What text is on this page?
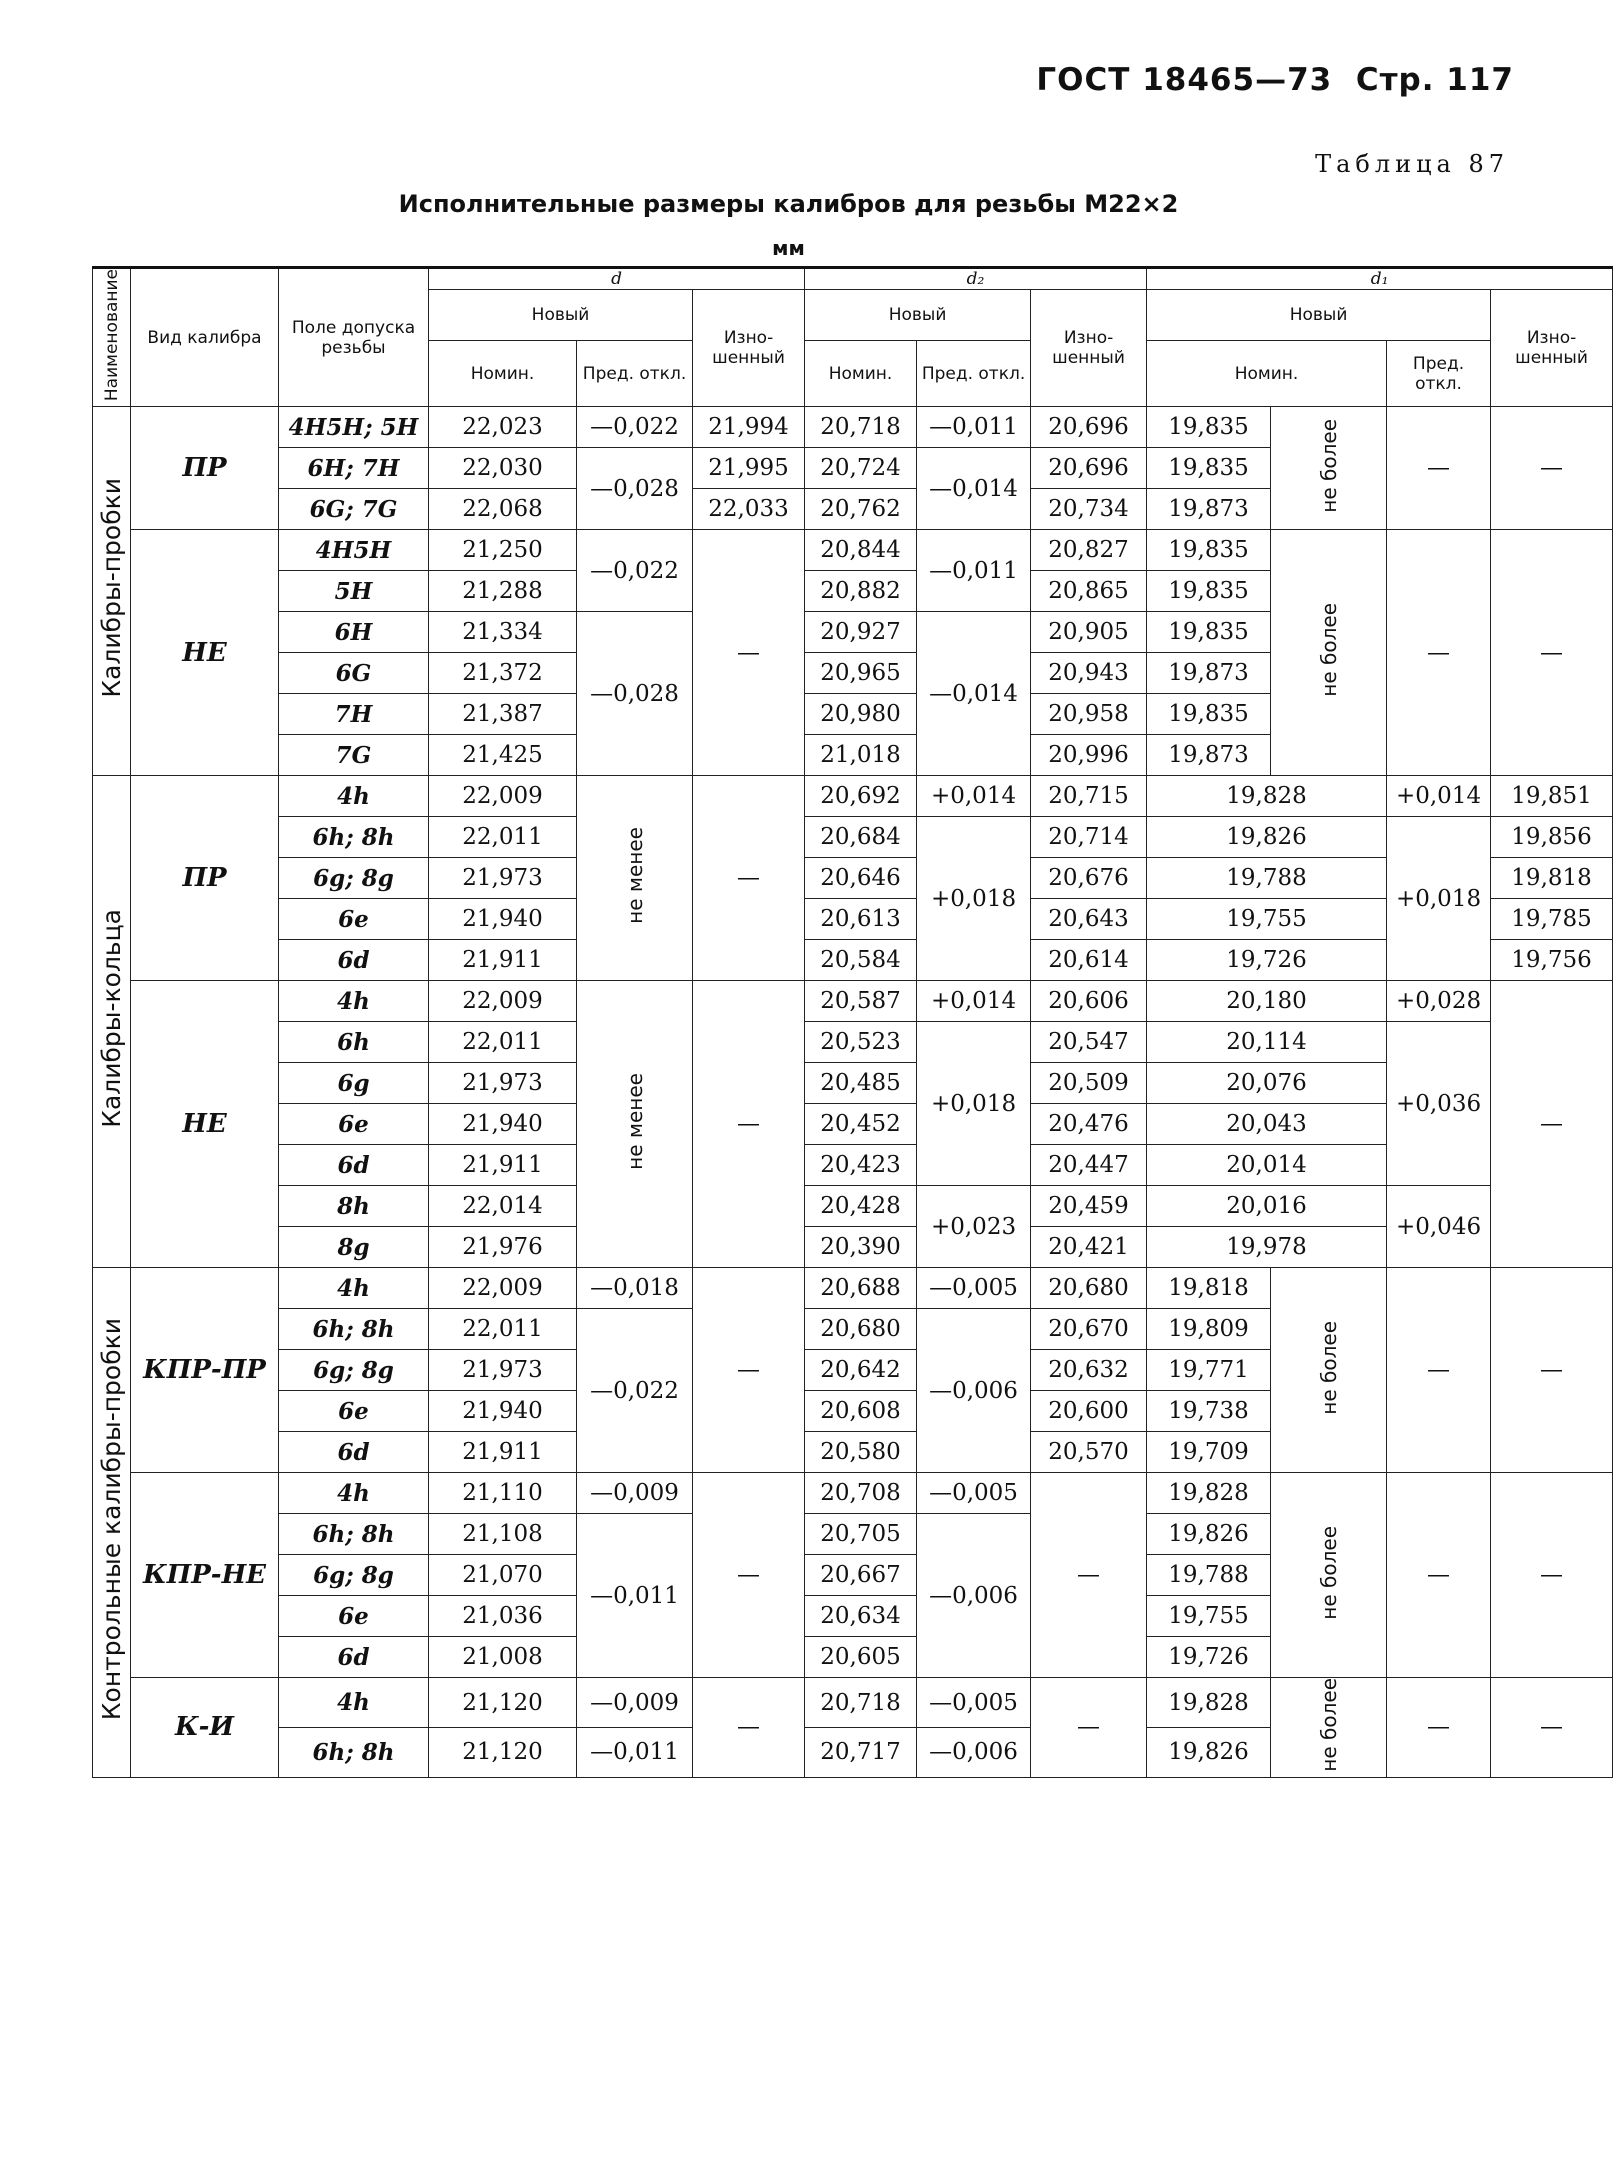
ГОСТ 18465—73 Стр. 117
Таблица 87
Исполнительные размеры калибров для резьбы М22×2
мм
Наименование	Вид калибра	Поле допуска резьбы	d			d₂			d₁			
			Новый		Изно-шенный	Новый		Изно-шенный	Новый			Изно-шенный
			Номин.	Пред. откл.		Номин.	Пред. откл.		Номин.		Пред. откл.	
Калибры-пробки	ПР	4H5H; 5H	22,023	—0,022	21,994	20,718	—0,011	20,696	19,835	не более	—	—
		6H; 7H	22,030	—0,028	21,995	20,724	—0,014	20,696	19,835			
		6G; 7G	22,068		22,033	20,762		20,734	19,873			
	НЕ	4H5H	21,250	—0,022	—	20,844	—0,011	20,827	19,835	не более	—	—
		5H	21,288			20,882		20,865	19,835			
		6H	21,334	—0,028		20,927	—0,014	20,905	19,835			
		6G	21,372			20,965		20,943	19,873			
		7H	21,387			20,980		20,958	19,835			
		7G	21,425			21,018		20,996	19,873			
Калибры-кольца	ПР	4h	22,009	не менее	—	20,692	+0,014	20,715	19,828		+0,014	19,851
		6h; 8h	22,011			20,684	+0,018	20,714	19,826		+0,018	19,856
		6g; 8g	21,973			20,646		20,676	19,788			19,818
		6e	21,940			20,613		20,643	19,755			19,785
		6d	21,911			20,584		20,614	19,726			19,756
	НЕ	4h	22,009	не менее	—	20,587	+0,014	20,606	20,180		+0,028	—
		6h	22,011			20,523	+0,018	20,547	20,114		+0,036	
		6g	21,973			20,485		20,509	20,076			
		6e	21,940			20,452		20,476	20,043			
		6d	21,911			20,423		20,447	20,014			
		8h	22,014			20,428	+0,023	20,459	20,016		+0,046	
		8g	21,976			20,390		20,421	19,978			
Контрольные калибры-пробки	КПР-ПР	4h	22,009	—0,018	—	20,688	—0,005	20,680	19,818	не более	—	—
		6h; 8h	22,011	—0,022		20,680	—0,006	20,670	19,809			
		6g; 8g	21,973			20,642		20,632	19,771			
		6e	21,940			20,608		20,600	19,738			
		6d	21,911			20,580		20,570	19,709			
	КПР-НЕ	4h	21,110	—0,009	—	20,708	—0,005	—	19,828	не более	—	—
		6h; 8h	21,108	—0,011		20,705	—0,006		19,826			
		6g; 8g	21,070			20,667			19,788			
		6e	21,036			20,634			19,755			
		6d	21,008			20,605			19,726			
	К-И	4h	21,120	—0,009	—	20,718	—0,005	—	19,828	не более	—	—
		6h; 8h	21,120	—0,011		20,717	—0,006		19,826			
